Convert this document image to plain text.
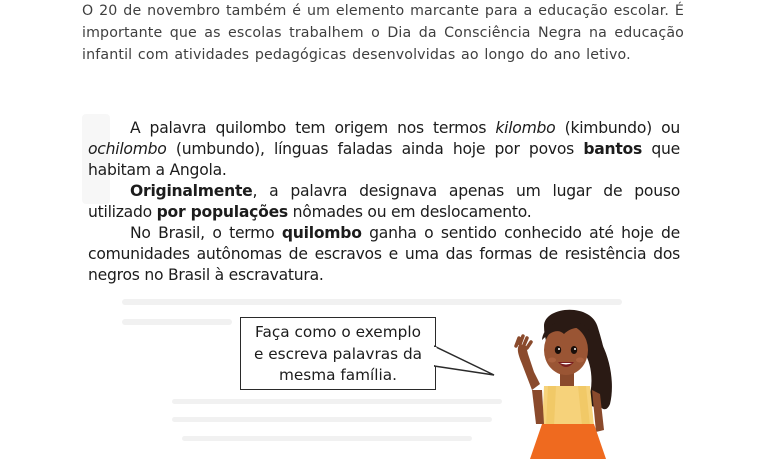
O 20 de novembro também é um elemento marcante para a educação escolar. É importante que as escolas trabalhem o Dia da Consciência Negra na educação infantil com atividades pedagógicas desenvolvidas ao longo do ano letivo.

A palavra quilombo tem origem nos termos kilombo (kimbundo) ou ochilombo (umbundo), línguas faladas ainda hoje por povos bantos que habitam a Angola.

Originalmente, a palavra designava apenas um lugar de pouso utilizado por populações nômades ou em deslocamento.

No Brasil, o termo quilombo ganha o sentido conhecido até hoje de comunidades autônomas de escravos e uma das formas de resistência dos negros no Brasil à escravatura.

Faça como o exemplo
e escreva palavras da
mesma família.
